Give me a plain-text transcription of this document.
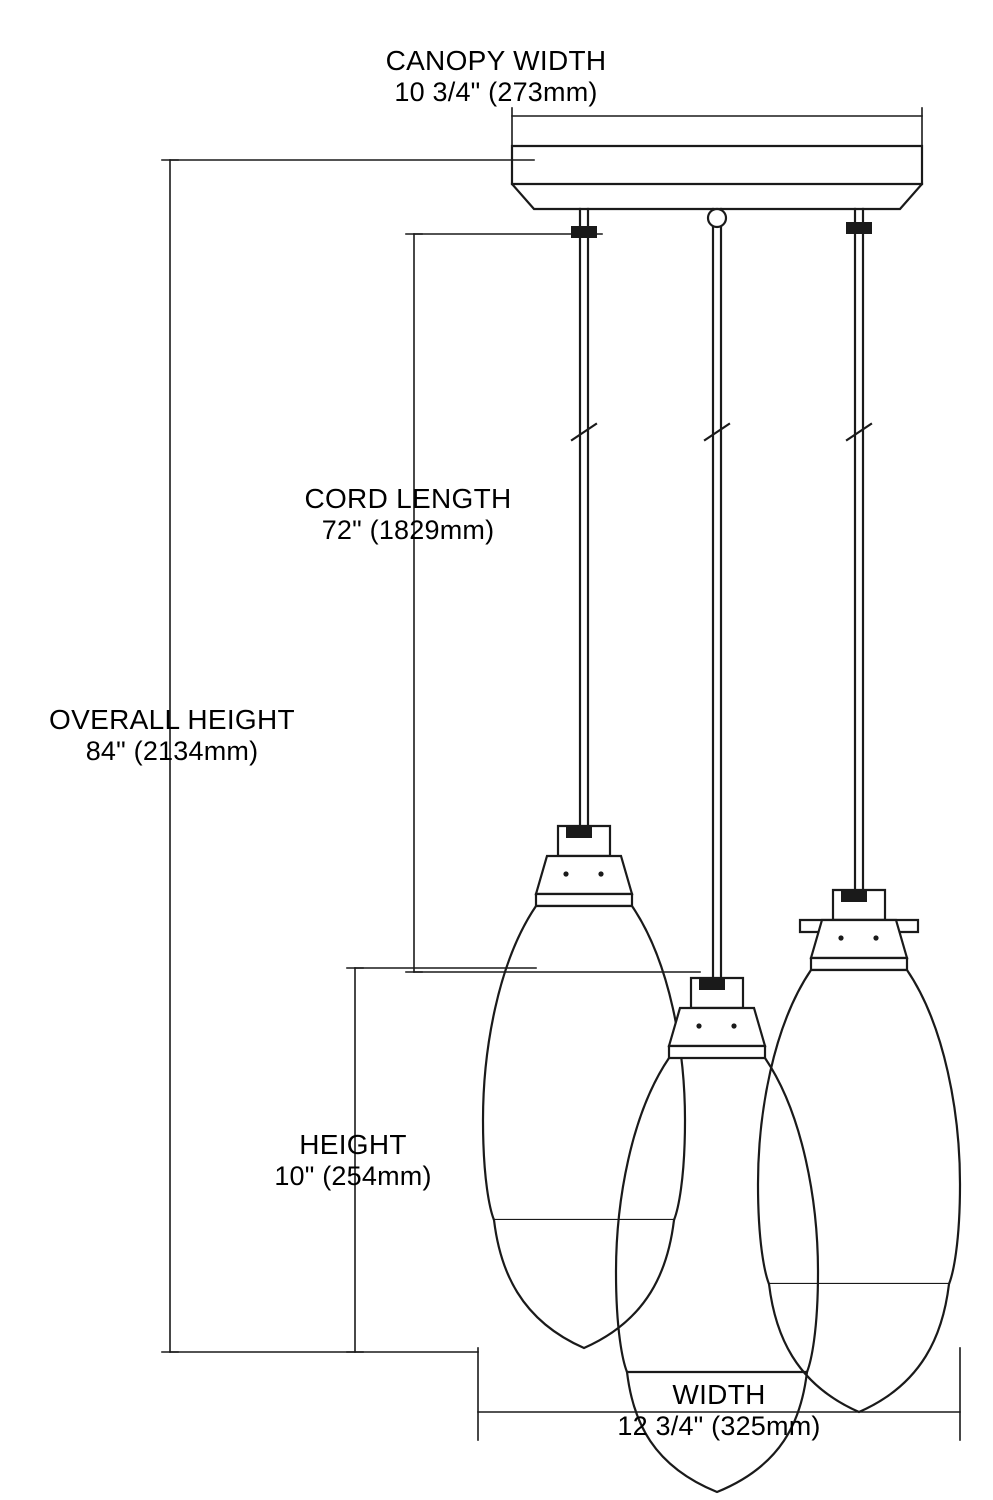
CANOPY WIDTH
10 3/4" (273mm)
CORD LENGTH
72" (1829mm)
OVERALL HEIGHT
84" (2134mm)
HEIGHT
10" (254mm)
WIDTH
12 3/4" (325mm)
